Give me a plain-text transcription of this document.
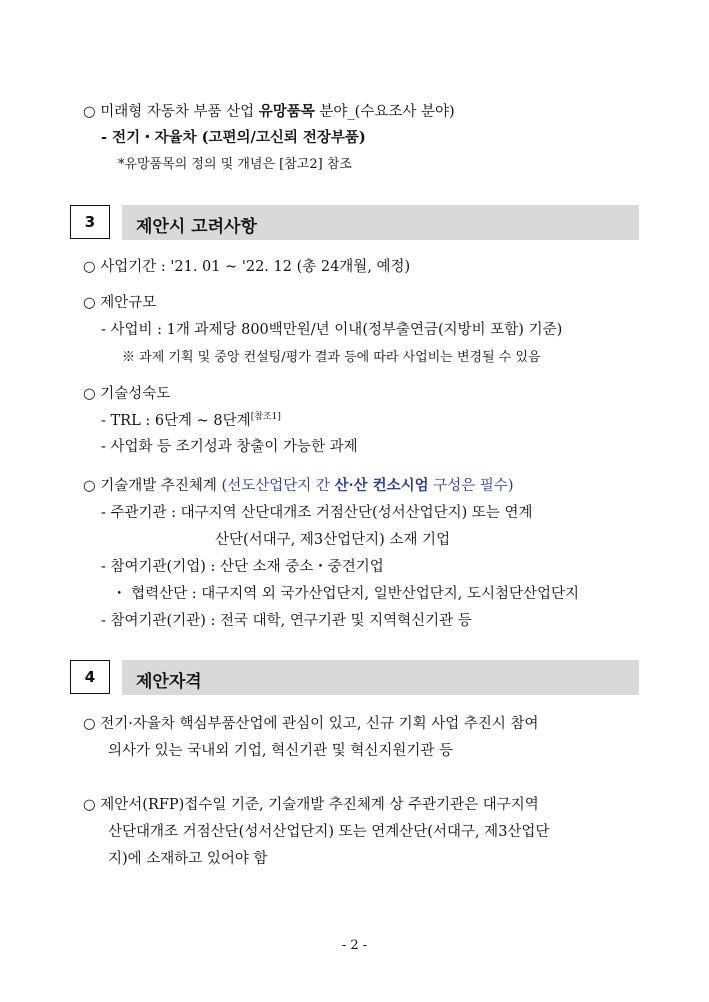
○ 미래형 자동차 부품 산업 유망품목 분야_(수요조사 분야)
- 전기・자율차 (고편의/고신뢰 전장부품)
*유망품목의 정의 및 개념은 [참고2] 참조
3	제안시 고려사항
○ 사업기간 : '21. 01 ~ '22. 12 (총 24개월, 예정)
○ 제안규모
- 사업비 : 1개 과제당 800백만원/년 이내(정부출연금(지방비 포함) 기준)
※ 과제 기획 및 중앙 컨설팅/평가 결과 등에 따라 사업비는 변경될 수 있음
○ 기술성숙도
- TRL : 6단계 ~ 8단계[참조1]
- 사업화 등 조기성과 창출이 가능한 과제
○ 기술개발 추진체계 (선도산업단지 간 산·산 컨소시엄 구성은 필수)
- 주관기관 : 대구지역 산단대개조 거점산단(성서산업단지) 또는 연계
산단(서대구, 제3산업단지) 소재 기업
- 참여기관(기업) : 산단 소재 중소・중견기업
・ 협력산단 : 대구지역 외 국가산업단지, 일반산업단지, 도시첨단산업단지
- 참여기관(기관) : 전국 대학, 연구기관 및 지역혁신기관 등
4	제안자격
○ 전기·자율차 핵심부품산업에 관심이 있고, 신규 기획 사업 추진시 참여
의사가 있는 국내외 기업, 혁신기관 및 혁신지원기관 등
○ 제안서(RFP)접수일 기준, 기술개발 추진체계 상 주관기관은 대구지역
산단대개조 거점산단(성서산업단지) 또는 연계산단(서대구, 제3산업단
지)에 소재하고 있어야 함
- 2 -
